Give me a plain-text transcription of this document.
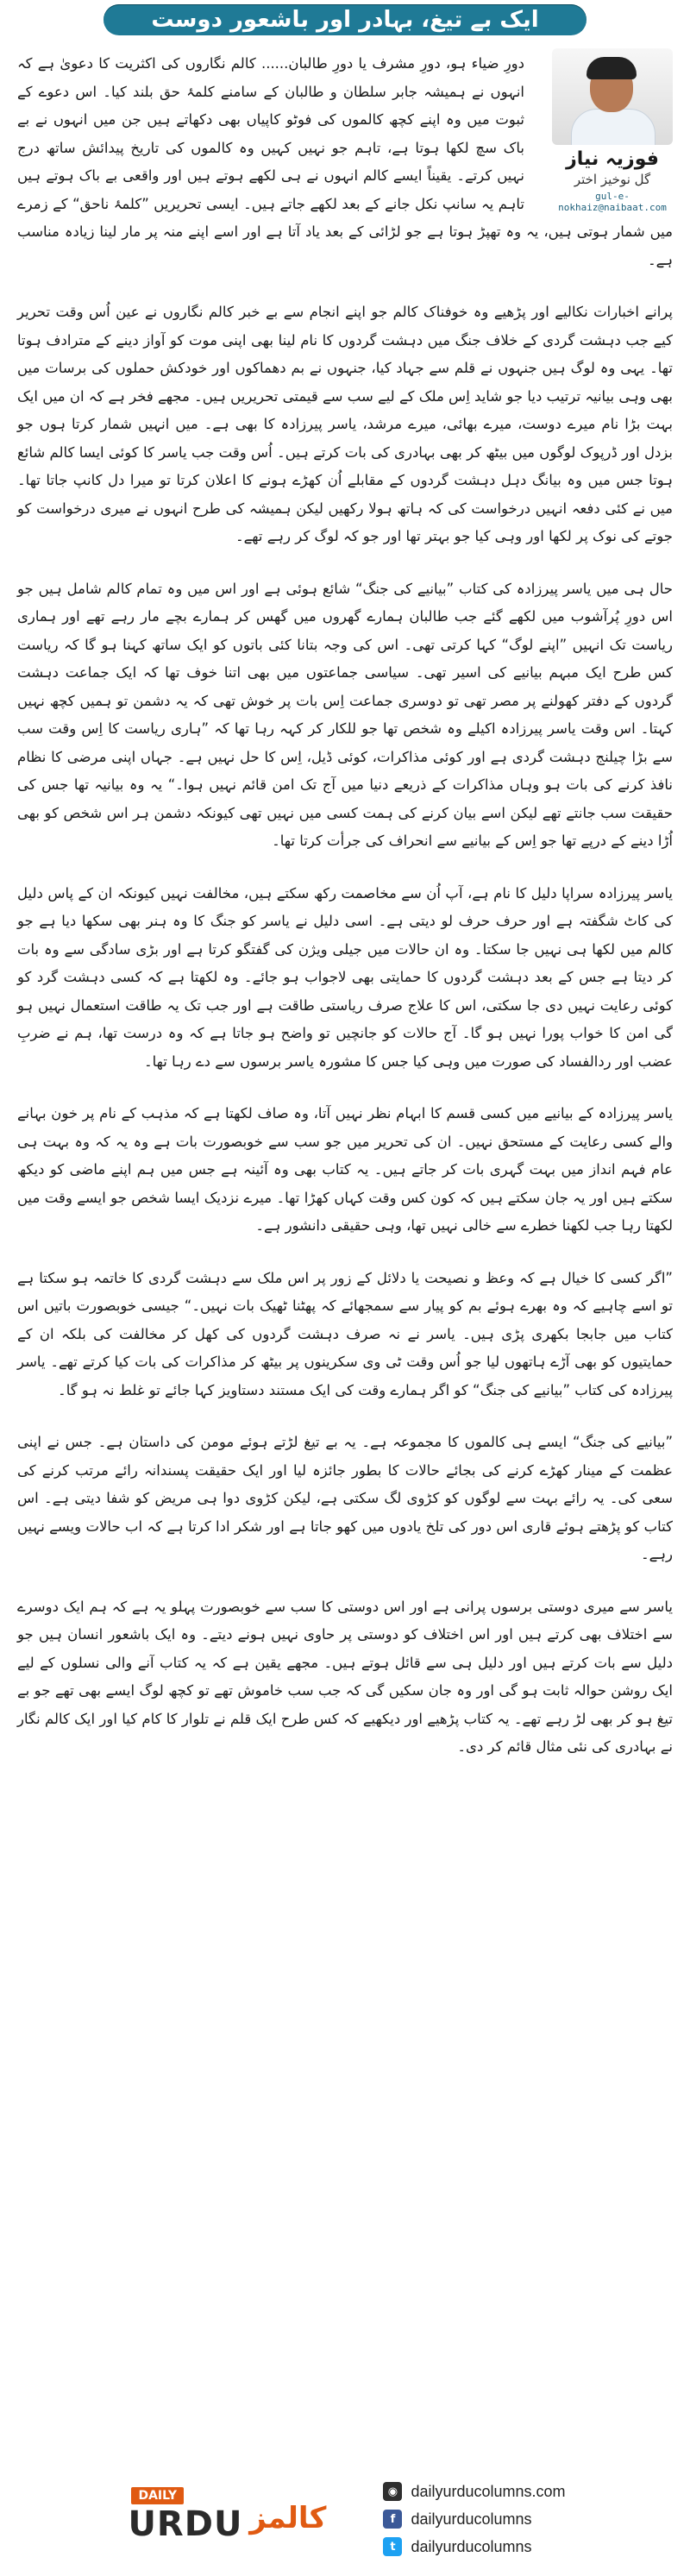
ایک بے تیغ، بہادر اور باشعور دوست
فوزیہ نیاز
گل نوخیز اختر
gul-e-nokhaiz@naibaat.com

دورِ ضیاء ہو، دورِ مشرف یا دورِ طالبان...... کالم نگاروں کی اکثریت کا دعویٰ ہے کہ انہوں نے ہمیشہ جابر سلطان و طالبان کے سامنے کلمۂ حق بلند کیا۔ اس دعوے کے ثبوت میں وہ اپنے کچھ کالموں کی فوٹو کاپیاں بھی دکھاتے ہیں جن میں انہوں نے بے باک سچ لکھا ہوتا ہے، تاہم جو نہیں کہیں وہ کالموں کی تاریخ پیدائش ساتھ درج نہیں کرتے۔ یقیناً ایسے کالم انہوں نے ہی لکھے ہوتے ہیں اور واقعی بے باک ہوتے ہیں تاہم یہ سانپ نکل جانے کے بعد لکھے جاتے ہیں۔ ایسی تحریریں ”کلمۂ ناحق“ کے زمرے میں شمار ہوتی ہیں، یہ وہ تھپڑ ہوتا ہے جو لڑائی کے بعد یاد آتا ہے اور اسے اپنے منہ پر مار لینا زیادہ مناسب ہے۔

پرانے اخبارات نکالیے اور پڑھیے وہ خوفناک کالم جو اپنے انجام سے بے خبر کالم نگاروں نے عین اُس وقت تحریر کیے جب دہشت گردی کے خلاف جنگ میں دہشت گردوں کا نام لینا بھی اپنی موت کو آواز دینے کے مترادف ہوتا تھا۔ یہی وہ لوگ ہیں جنہوں نے قلم سے جہاد کیا، جنہوں نے بم دھماکوں اور خودکش حملوں کی برسات میں بھی وہی بیانیہ ترتیب دیا جو شاید اِس ملک کے لیے سب سے قیمتی تحریریں ہیں۔ مجھے فخر ہے کہ ان میں ایک بہت بڑا نام میرے دوست، میرے بھائی، میرے مرشد، یاسر پیرزادہ کا بھی ہے۔ میں انہیں شمار کرتا ہوں جو بزدل اور ڈرپوک لوگوں میں بیٹھ کر بھی بہادری کی بات کرتے ہیں۔ اُس وقت جب یاسر کا کوئی ایسا کالم شائع ہوتا جس میں وہ بیانگ دہل دہشت گردوں کے مقابلے اُن کھڑے ہونے کا اعلان کرتا تو میرا دل کانپ جاتا تھا۔ میں نے کئی دفعہ انہیں درخواست کی کہ ہاتھ ہولا رکھیں لیکن ہمیشہ کی طرح انہوں نے میری درخواست کو جوتے کی نوک پر لکھا اور وہی کیا جو بہتر تھا اور جو کہ لوگ کر رہے تھے۔

حال ہی میں یاسر پیرزادہ کی کتاب ”بیانیے کی جنگ“ شائع ہوئی ہے اور اس میں وہ تمام کالم شامل ہیں جو اس دورِ پُرآشوب میں لکھے گئے جب طالبان ہمارے گھروں میں گھس کر ہمارے بچے مار رہے تھے اور ہماری ریاست تک انہیں ”اپنے لوگ“ کہا کرتی تھی۔ اس کی وجہ بتانا کئی باتوں کو ایک ساتھ کہنا ہو گا کہ ریاست کس طرح ایک مبہم بیانیے کی اسیر تھی۔ سیاسی جماعتوں میں بھی اتنا خوف تھا کہ ایک جماعت دہشت گردوں کے دفتر کھولنے پر مصر تھی تو دوسری جماعت اِس بات پر خوش تھی کہ یہ دشمن تو ہمیں کچھ نہیں کہتا۔ اس وقت یاسر پیرزادہ اکیلے وہ شخص تھا جو للکار کر کہہ رہا تھا کہ ”ہاری ریاست کا اِس وقت سب سے بڑا چیلنج دہشت گردی ہے اور کوئی مذاکرات، کوئی ڈیل، اِس کا حل نہیں ہے۔ جہاں اپنی مرضی کا نظام نافذ کرنے کی بات ہو وہاں مذاکرات کے ذریعے دنیا میں آج تک امن قائم نہیں ہوا۔“ یہ وہ بیانیہ تھا جس کی حقیقت سب جانتے تھے لیکن اسے بیان کرنے کی ہمت کسی میں نہیں تھی کیونکہ دشمن ہر اس شخص کو بھی اُڑا دینے کے درپے تھا جو اِس کے بیانیے سے انحراف کی جرأت کرتا تھا۔

یاسر پیرزادہ سراپا دلیل کا نام ہے، آپ اُن سے مخاصمت رکھ سکتے ہیں، مخالفت نہیں کیونکہ ان کے پاس دلیل کی کاٹ شگفتہ ہے اور حرف حرف لو دیتی ہے۔ اسی دلیل نے یاسر کو جنگ کا وہ ہنر بھی سکھا دیا ہے جو کالم میں لکھا ہی نہیں جا سکتا۔ وہ ان حالات میں جیلی ویژن کی گفتگو کرتا ہے اور بڑی سادگی سے وہ بات کر دیتا ہے جس کے بعد دہشت گردوں کا حمایتی بھی لاجواب ہو جائے۔ وہ لکھتا ہے کہ کسی دہشت گرد کو کوئی رعایت نہیں دی جا سکتی، اس کا علاج صرف ریاستی طاقت ہے اور جب تک یہ طاقت استعمال نہیں ہو گی امن کا خواب پورا نہیں ہو گا۔ آج حالات کو جانچیں تو واضح ہو جاتا ہے کہ وہ درست تھا، ہم نے ضربِ عضب اور ردالفساد کی صورت میں وہی کیا جس کا مشورہ یاسر برسوں سے دے رہا تھا۔

یاسر پیرزادہ کے بیانیے میں کسی قسم کا ابہام نظر نہیں آتا، وہ صاف لکھتا ہے کہ مذہب کے نام پر خون بہانے والے کسی رعایت کے مستحق نہیں۔ ان کی تحریر میں جو سب سے خوبصورت بات ہے وہ یہ کہ وہ بہت ہی عام فہم انداز میں بہت گہری بات کر جاتے ہیں۔ یہ کتاب بھی وہ آئینہ ہے جس میں ہم اپنے ماضی کو دیکھ سکتے ہیں اور یہ جان سکتے ہیں کہ کون کس وقت کہاں کھڑا تھا۔ میرے نزدیک ایسا شخص جو ایسے وقت میں لکھتا رہا جب لکھنا خطرے سے خالی نہیں تھا، وہی حقیقی دانشور ہے۔

”اگر کسی کا خیال ہے کہ وعظ و نصیحت یا دلائل کے زور پر اس ملک سے دہشت گردی کا خاتمہ ہو سکتا ہے تو اسے چاہیے کہ وہ بھرے ہوئے بم کو پیار سے سمجھائے کہ پھٹنا ٹھیک بات نہیں۔“ جیسی خوبصورت باتیں اس کتاب میں جابجا بکھری پڑی ہیں۔ یاسر نے نہ صرف دہشت گردوں کی کھل کر مخالفت کی بلکہ ان کے حمایتیوں کو بھی آڑے ہاتھوں لیا جو اُس وقت ٹی وی سکرینوں پر بیٹھ کر مذاکرات کی بات کیا کرتے تھے۔ یاسر پیرزادہ کی کتاب ”بیانیے کی جنگ“ کو اگر ہمارے وقت کی ایک مستند دستاویز کہا جائے تو غلط نہ ہو گا۔

”بیانیے کی جنگ“ ایسے ہی کالموں کا مجموعہ ہے۔ یہ بے تیغ لڑتے ہوئے مومن کی داستان ہے۔ جس نے اپنی عظمت کے مینار کھڑے کرنے کی بجائے حالات کا بطور جائزہ لیا اور ایک حقیقت پسندانہ رائے مرتب کرنے کی سعی کی۔ یہ رائے بہت سے لوگوں کو کڑوی لگ سکتی ہے، لیکن کڑوی دوا ہی مریض کو شفا دیتی ہے۔ اس کتاب کو پڑھتے ہوئے قاری اس دور کی تلخ یادوں میں کھو جاتا ہے اور شکر ادا کرتا ہے کہ اب حالات ویسے نہیں رہے۔

یاسر سے میری دوستی برسوں پرانی ہے اور اس دوستی کا سب سے خوبصورت پہلو یہ ہے کہ ہم ایک دوسرے سے اختلاف بھی کرتے ہیں اور اس اختلاف کو دوستی پر حاوی نہیں ہونے دیتے۔ وہ ایک باشعور انسان ہیں جو دلیل سے بات کرتے ہیں اور دلیل ہی سے قائل ہوتے ہیں۔ مجھے یقین ہے کہ یہ کتاب آنے والی نسلوں کے لیے ایک روشن حوالہ ثابت ہو گی اور وہ جان سکیں گی کہ جب سب خاموش تھے تو کچھ لوگ ایسے بھی تھے جو بے تیغ ہو کر بھی لڑ رہے تھے۔ یہ کتاب پڑھیے اور دیکھیے کہ کس طرح ایک قلم نے تلوار کا کام کیا اور ایک کالم نگار نے بہادری کی نئی مثال قائم کر دی۔

DAILY
URDU کالمز
◉ dailyurducolumns.com
f	dailyurducolumns
t dailyurducolumns
